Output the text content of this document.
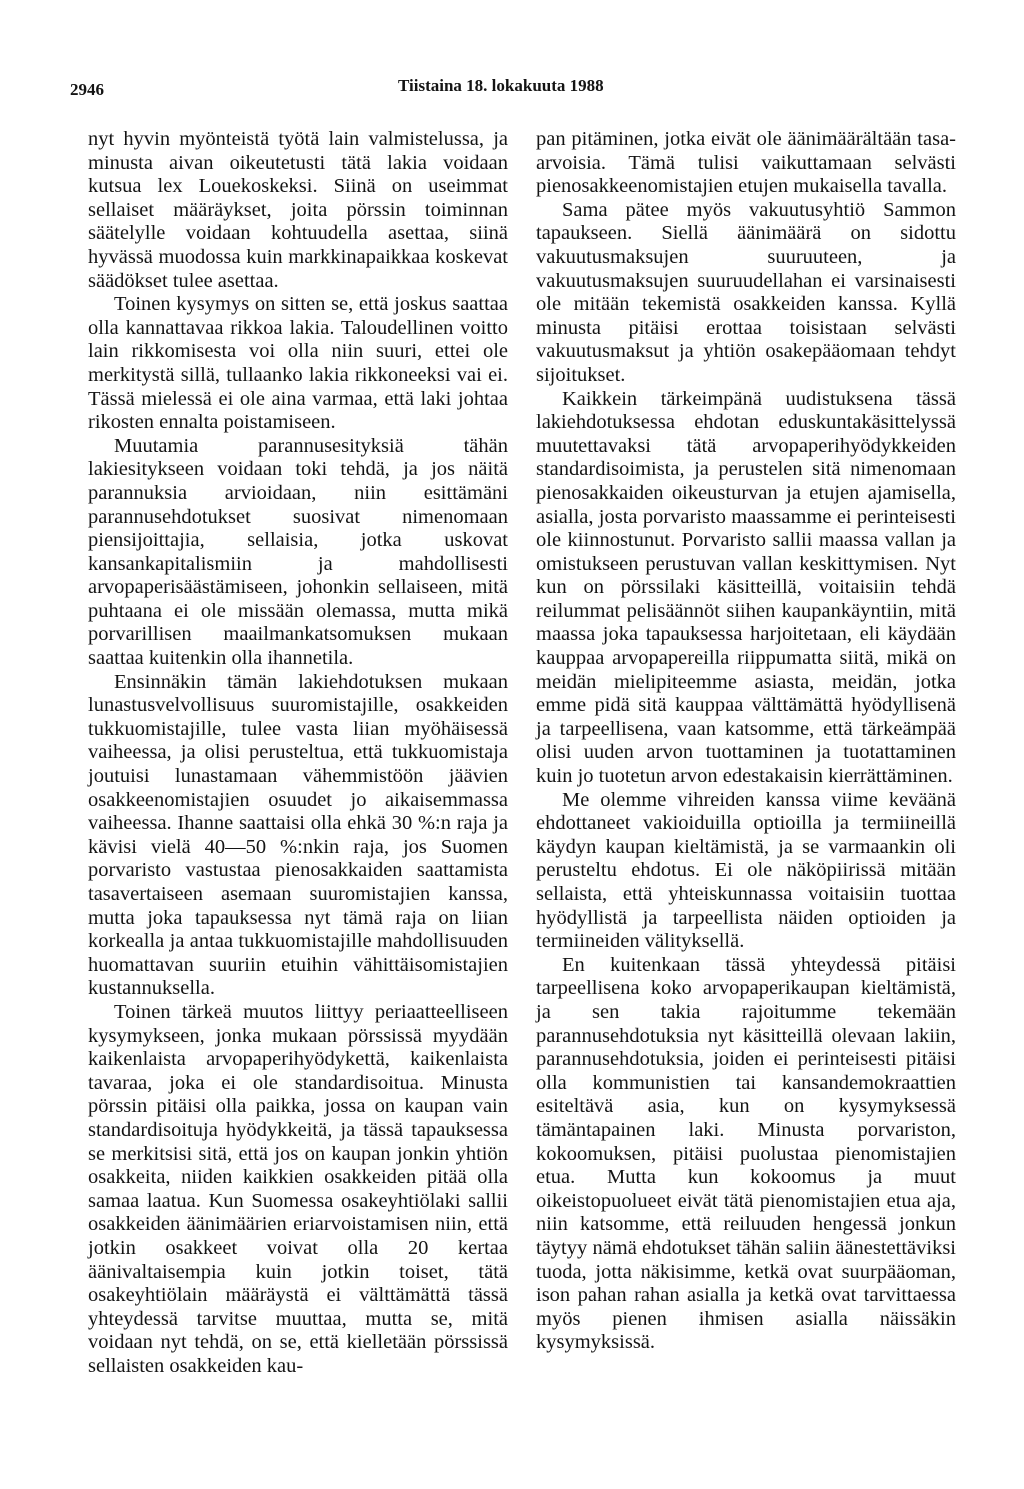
2946	Tiistaina 18. lokakuuta 1988

nyt hyvin myönteistä työtä lain valmistelussa, ja minusta aivan oikeutetusti tätä lakia voidaan kutsua lex Louekoskeksi. Siinä on useimmat sellaiset määräykset, joita pörssin toiminnan säätelylle voidaan kohtuudella asettaa, siinä hyvässä muodossa kuin markkinapaikkaa koskevat säädökset tulee asettaa.

Toinen kysymys on sitten se, että joskus saattaa olla kannattavaa rikkoa lakia. Taloudellinen voitto lain rikkomisesta voi olla niin suuri, ettei ole merkitystä sillä, tullaanko lakia rikkoneeksi vai ei. Tässä mielessä ei ole aina varmaa, että laki johtaa rikosten ennalta poistamiseen.

Muutamia parannusesityksiä tähän lakiesitykseen voidaan toki tehdä, ja jos näitä parannuksia arvioidaan, niin esittämäni parannusehdotukset suosivat nimenomaan piensijoittajia, sellaisia, jotka uskovat kansankapitalismiin ja mahdollisesti arvopaperisäästämiseen, johonkin sellaiseen, mitä puhtaana ei ole missään olemassa, mutta mikä porvarillisen maailmankatsomuksen mukaan saattaa kuitenkin olla ihannetila.

Ensinnäkin tämän lakiehdotuksen mukaan lunastusvelvollisuus suuromistajille, osakkeiden tukkuomistajille, tulee vasta liian myöhäisessä vaiheessa, ja olisi perusteltua, että tukkuomistaja joutuisi lunastamaan vähemmistöön jäävien osakkeenomistajien osuudet jo aikaisemmassa vaiheessa. Ihanne saattaisi olla ehkä 30 %:n raja ja kävisi vielä 40—50 %:nkin raja, jos Suomen porvaristo vastustaa pienosakkaiden saattamista tasavertaiseen asemaan suuromistajien kanssa, mutta joka tapauksessa nyt tämä raja on liian korkealla ja antaa tukkuomistajille mahdollisuuden huomattavan suuriin etuihin vähittäisomistajien kustannuksella.

Toinen tärkeä muutos liittyy periaatteelliseen kysymykseen, jonka mukaan pörssissä myydään kaikenlaista arvopaperihyödykettä, kaikenlaista tavaraa, joka ei ole standardisoitua. Minusta pörssin pitäisi olla paikka, jossa on kaupan vain standardisoituja hyödykkeitä, ja tässä tapauksessa se merkitsisi sitä, että jos on kaupan jonkin yhtiön osakkeita, niiden kaikkien osakkeiden pitää olla samaa laatua. Kun Suomessa osakeyhtiölaki sallii osakkeiden äänimäärien eriarvoistamisen niin, että jotkin osakkeet voivat olla 20 kertaa äänivaltaisempia kuin jotkin toiset, tätä osakeyhtiölain määräystä ei välttämättä tässä yhteydessä tarvitse muuttaa, mutta se, mitä voidaan nyt tehdä, on se, että kielletään pörssissä sellaisten osakkeiden kau-

pan pitäminen, jotka eivät ole äänimäärältään tasa-arvoisia. Tämä tulisi vaikuttamaan selvästi pienosakkeenomistajien etujen mukaisella tavalla.

Sama pätee myös vakuutusyhtiö Sammon tapaukseen. Siellä äänimäärä on sidottu vakuutusmaksujen suuruuteen, ja vakuutusmaksujen suuruudellahan ei varsinaisesti ole mitään tekemistä osakkeiden kanssa. Kyllä minusta pitäisi erottaa toisistaan selvästi vakuutusmaksut ja yhtiön osakepääomaan tehdyt sijoitukset.

Kaikkein tärkeimpänä uudistuksena tässä lakiehdotuksessa ehdotan eduskuntakäsittelyssä muutettavaksi tätä arvopaperihyödykkeiden standardisoimista, ja perustelen sitä nimenomaan pienosakkaiden oikeusturvan ja etujen ajamisella, asialla, josta porvaristo maassamme ei perinteisesti ole kiinnostunut. Porvaristo sallii maassa vallan ja omistukseen perustuvan vallan keskittymisen. Nyt kun on pörssilaki käsitteillä, voitaisiin tehdä reilummat pelisäännöt siihen kaupankäyntiin, mitä maassa joka tapauksessa harjoitetaan, eli käydään kauppaa arvopapereilla riippumatta siitä, mikä on meidän mielipiteemme asiasta, meidän, jotka emme pidä sitä kauppaa välttämättä hyödyllisenä ja tarpeellisena, vaan katsomme, että tärkeämpää olisi uuden arvon tuottaminen ja tuotattaminen kuin jo tuotetun arvon edestakaisin kierrättäminen.

Me olemme vihreiden kanssa viime keväänä ehdottaneet vakioiduilla optioilla ja termiineillä käydyn kaupan kieltämistä, ja se varmaankin oli perusteltu ehdotus. Ei ole näköpiirissä mitään sellaista, että yhteiskunnassa voitaisiin tuottaa hyödyllistä ja tarpeellista näiden optioiden ja termiineiden välityksellä.

En kuitenkaan tässä yhteydessä pitäisi tarpeellisena koko arvopaperikaupan kieltämistä, ja sen takia rajoitumme tekemään parannusehdotuksia nyt käsitteillä olevaan lakiin, parannusehdotuksia, joiden ei perinteisesti pitäisi olla kommunistien tai kansandemokraattien esiteltävä asia, kun on kysymyksessä tämäntapainen laki. Minusta porvariston, kokoomuksen, pitäisi puolustaa pienomistajien etua. Mutta kun kokoomus ja muut oikeistopuolueet eivät tätä pienomistajien etua aja, niin katsomme, että reiluuden hengessä jonkun täytyy nämä ehdotukset tähän saliin äänestettäviksi tuoda, jotta näkisimme, ketkä ovat suurpääoman, ison pahan rahan asialla ja ketkä ovat tarvittaessa myös pienen ihmisen asialla näissäkin kysymyksissä.
